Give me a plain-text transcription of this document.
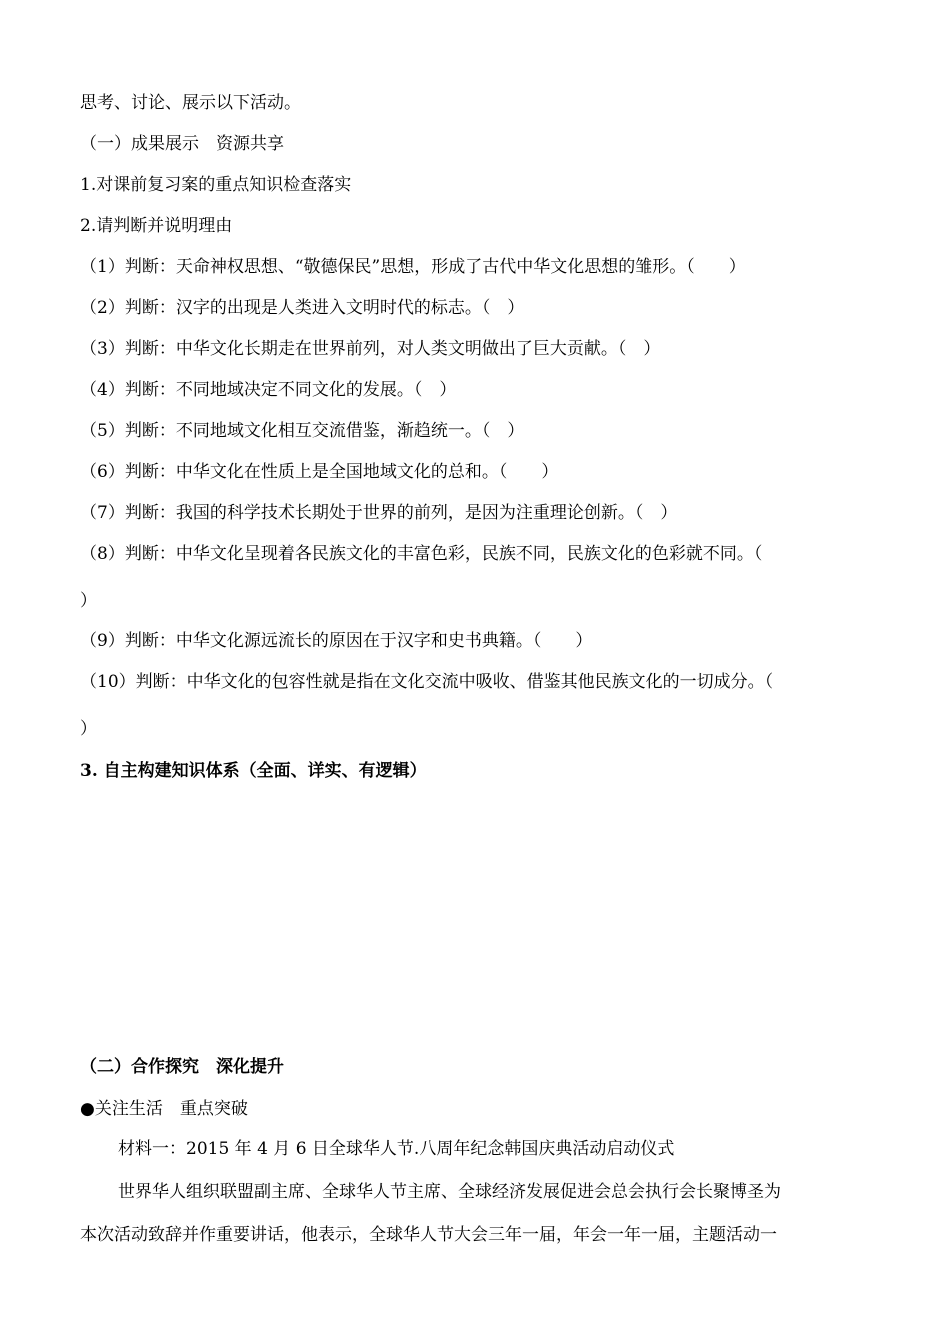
思考、讨论、展示以下活动。
（一）成果展示　资源共享
1.对课前复习案的重点知识检查落实
2.请判断并说明理由
（1）判断：天命神权思想、“敬德保民”思想，形成了古代中华文化思想的雏形。（　　）
（2）判断：汉字的出现是人类进入文明时代的标志。（　）
（3）判断：中华文化长期走在世界前列，对人类文明做出了巨大贡献。（　）
（4）判断：不同地域决定不同文化的发展。（　）
（5）判断：不同地域文化相互交流借鉴，渐趋统一。（　）
（6）判断：中华文化在性质上是全国地域文化的总和。（　　）
（7）判断：我国的科学技术长期处于世界的前列，是因为注重理论创新。（　）
（8）判断：中华文化呈现着各民族文化的丰富色彩，民族不同，民族文化的色彩就不同。（
）
（9）判断：中华文化源远流长的原因在于汉字和史书典籍。（　　）
（10）判断：中华文化的包容性就是指在文化交流中吸收、借鉴其他民族文化的一切成分。（
）
3. 自主构建知识体系（全面、详实、有逻辑）
（二）合作探究　深化提升
●关注生活　重点突破
材料一：2015 年 4 月 6 日全球华人节.八周年纪念韩国庆典活动启动仪式
世界华人组织联盟副主席、全球华人节主席、全球经济发展促进会总会执行会长聚博圣为
本次活动致辞并作重要讲话，他表示，全球华人节大会三年一届，年会一年一届，主题活动一
